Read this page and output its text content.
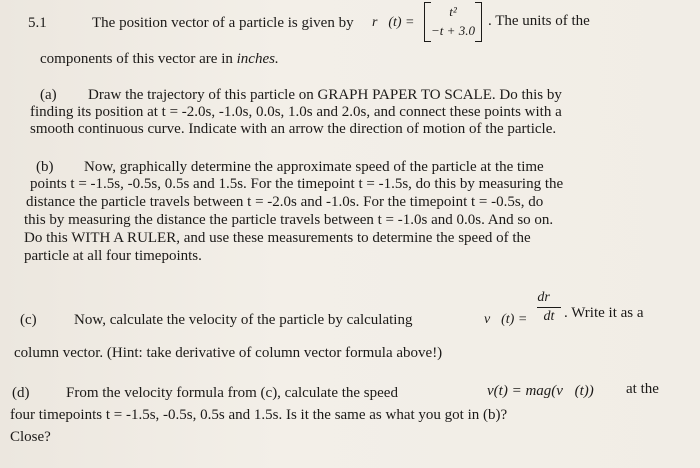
5.1	The position vector of a particle is given by r⃗(t) =
t²
−t + 3.0
. The units of the
components of this vector are in inches.
(a) Draw the trajectory of this particle on GRAPH PAPER TO SCALE. Do this by
finding its position at t = -2.0s, -1.0s, 0.0s, 1.0s and 2.0s, and connect these points with a
smooth continuous curve. Indicate with an arrow the direction of motion of the particle.
(b) Now, graphically determine the approximate speed of the particle at the time
points t = -1.5s, -0.5s, 0.5s and 1.5s. For the timepoint t = -1.5s, do this by measuring the
distance the particle travels between t = -2.0s and -1.0s. For the timepoint t = -0.5s, do
this by measuring the distance the particle travels between t = -1.0s and 0.0s. And so on.
Do this WITH A RULER, and use these measurements to determine the speed of the
particle at all four timepoints.
(c) Now, calculate the velocity of the particle by calculating	v⃗(t) =
dr⃗
dt . Write it as a
column vector. (Hint: take derivative of column vector formula above!)
(d) From the velocity formula from (c), calculate the speed	v(t) = mag(v⃗(t)) at the
four timepoints t = -1.5s, -0.5s, 0.5s and 1.5s. Is it the same as what you got in (b)?
Close?
